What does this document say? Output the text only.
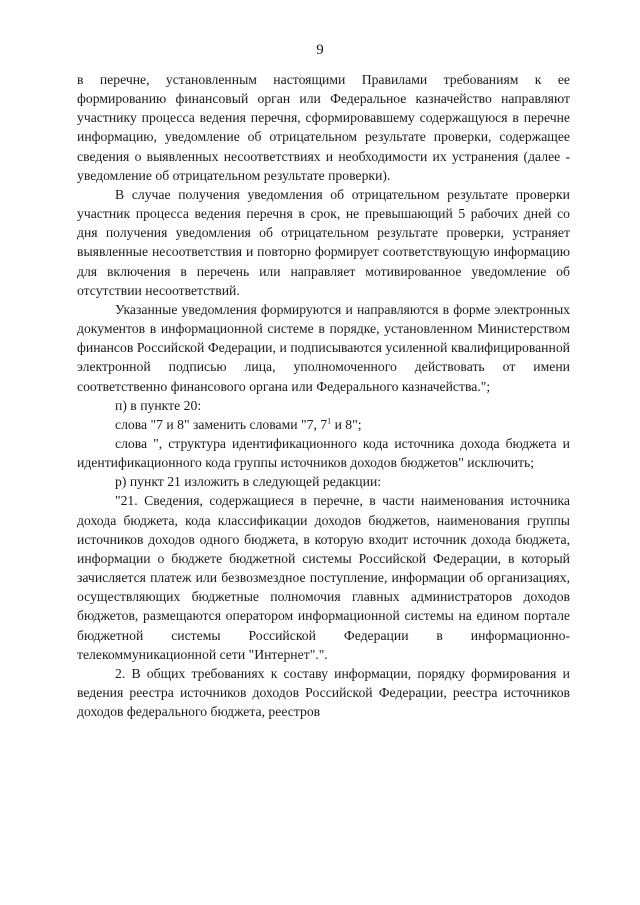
9

в перечне, установленным настоящими Правилами требованиям к ее формированию финансовый орган или Федеральное казначейство направляют участнику процесса ведения перечня, сформировавшему содержащуюся в перечне информацию, уведомление об отрицательном результате проверки, содержащее сведения о выявленных несоответствиях и необходимости их устранения (далее - уведомление об отрицательном результате проверки).

В случае получения уведомления об отрицательном результате проверки участник процесса ведения перечня в срок, не превышающий 5 рабочих дней со дня получения уведомления об отрицательном результате проверки, устраняет выявленные несоответствия и повторно формирует соответствующую информацию для включения в перечень или направляет мотивированное уведомление об отсутствии несоответствий.

Указанные уведомления формируются и направляются в форме электронных документов в информационной системе в порядке, установленном Министерством финансов Российской Федерации, и подписываются усиленной квалифицированной электронной подписью лица, уполномоченного действовать от имени соответственно финансового органа или Федерального казначейства.";

п) в пункте 20:

слова "7 и 8" заменить словами "7, $7^1$ и 8";

слова ", структура идентификационного кода источника дохода бюджета и идентификационного кода группы источников доходов бюджетов" исключить;

р) пункт 21 изложить в следующей редакции:

"21. Сведения, содержащиеся в перечне, в части наименования источника дохода бюджета, кода классификации доходов бюджетов, наименования группы источников доходов одного бюджета, в которую входит источник дохода бюджета, информации о бюджете бюджетной системы Российской Федерации, в который зачисляется платеж или безвозмездное поступление, информации об организациях, осуществляющих бюджетные полномочия главных администраторов доходов бюджетов, размещаются оператором информационной системы на едином портале бюджетной системы Российской Федерации в информационно-телекоммуникационной сети "Интернет".".

2. В общих требованиях к составу информации, порядку формирования и ведения реестра источников доходов Российской Федерации, реестра источников доходов федерального бюджета, реестров
